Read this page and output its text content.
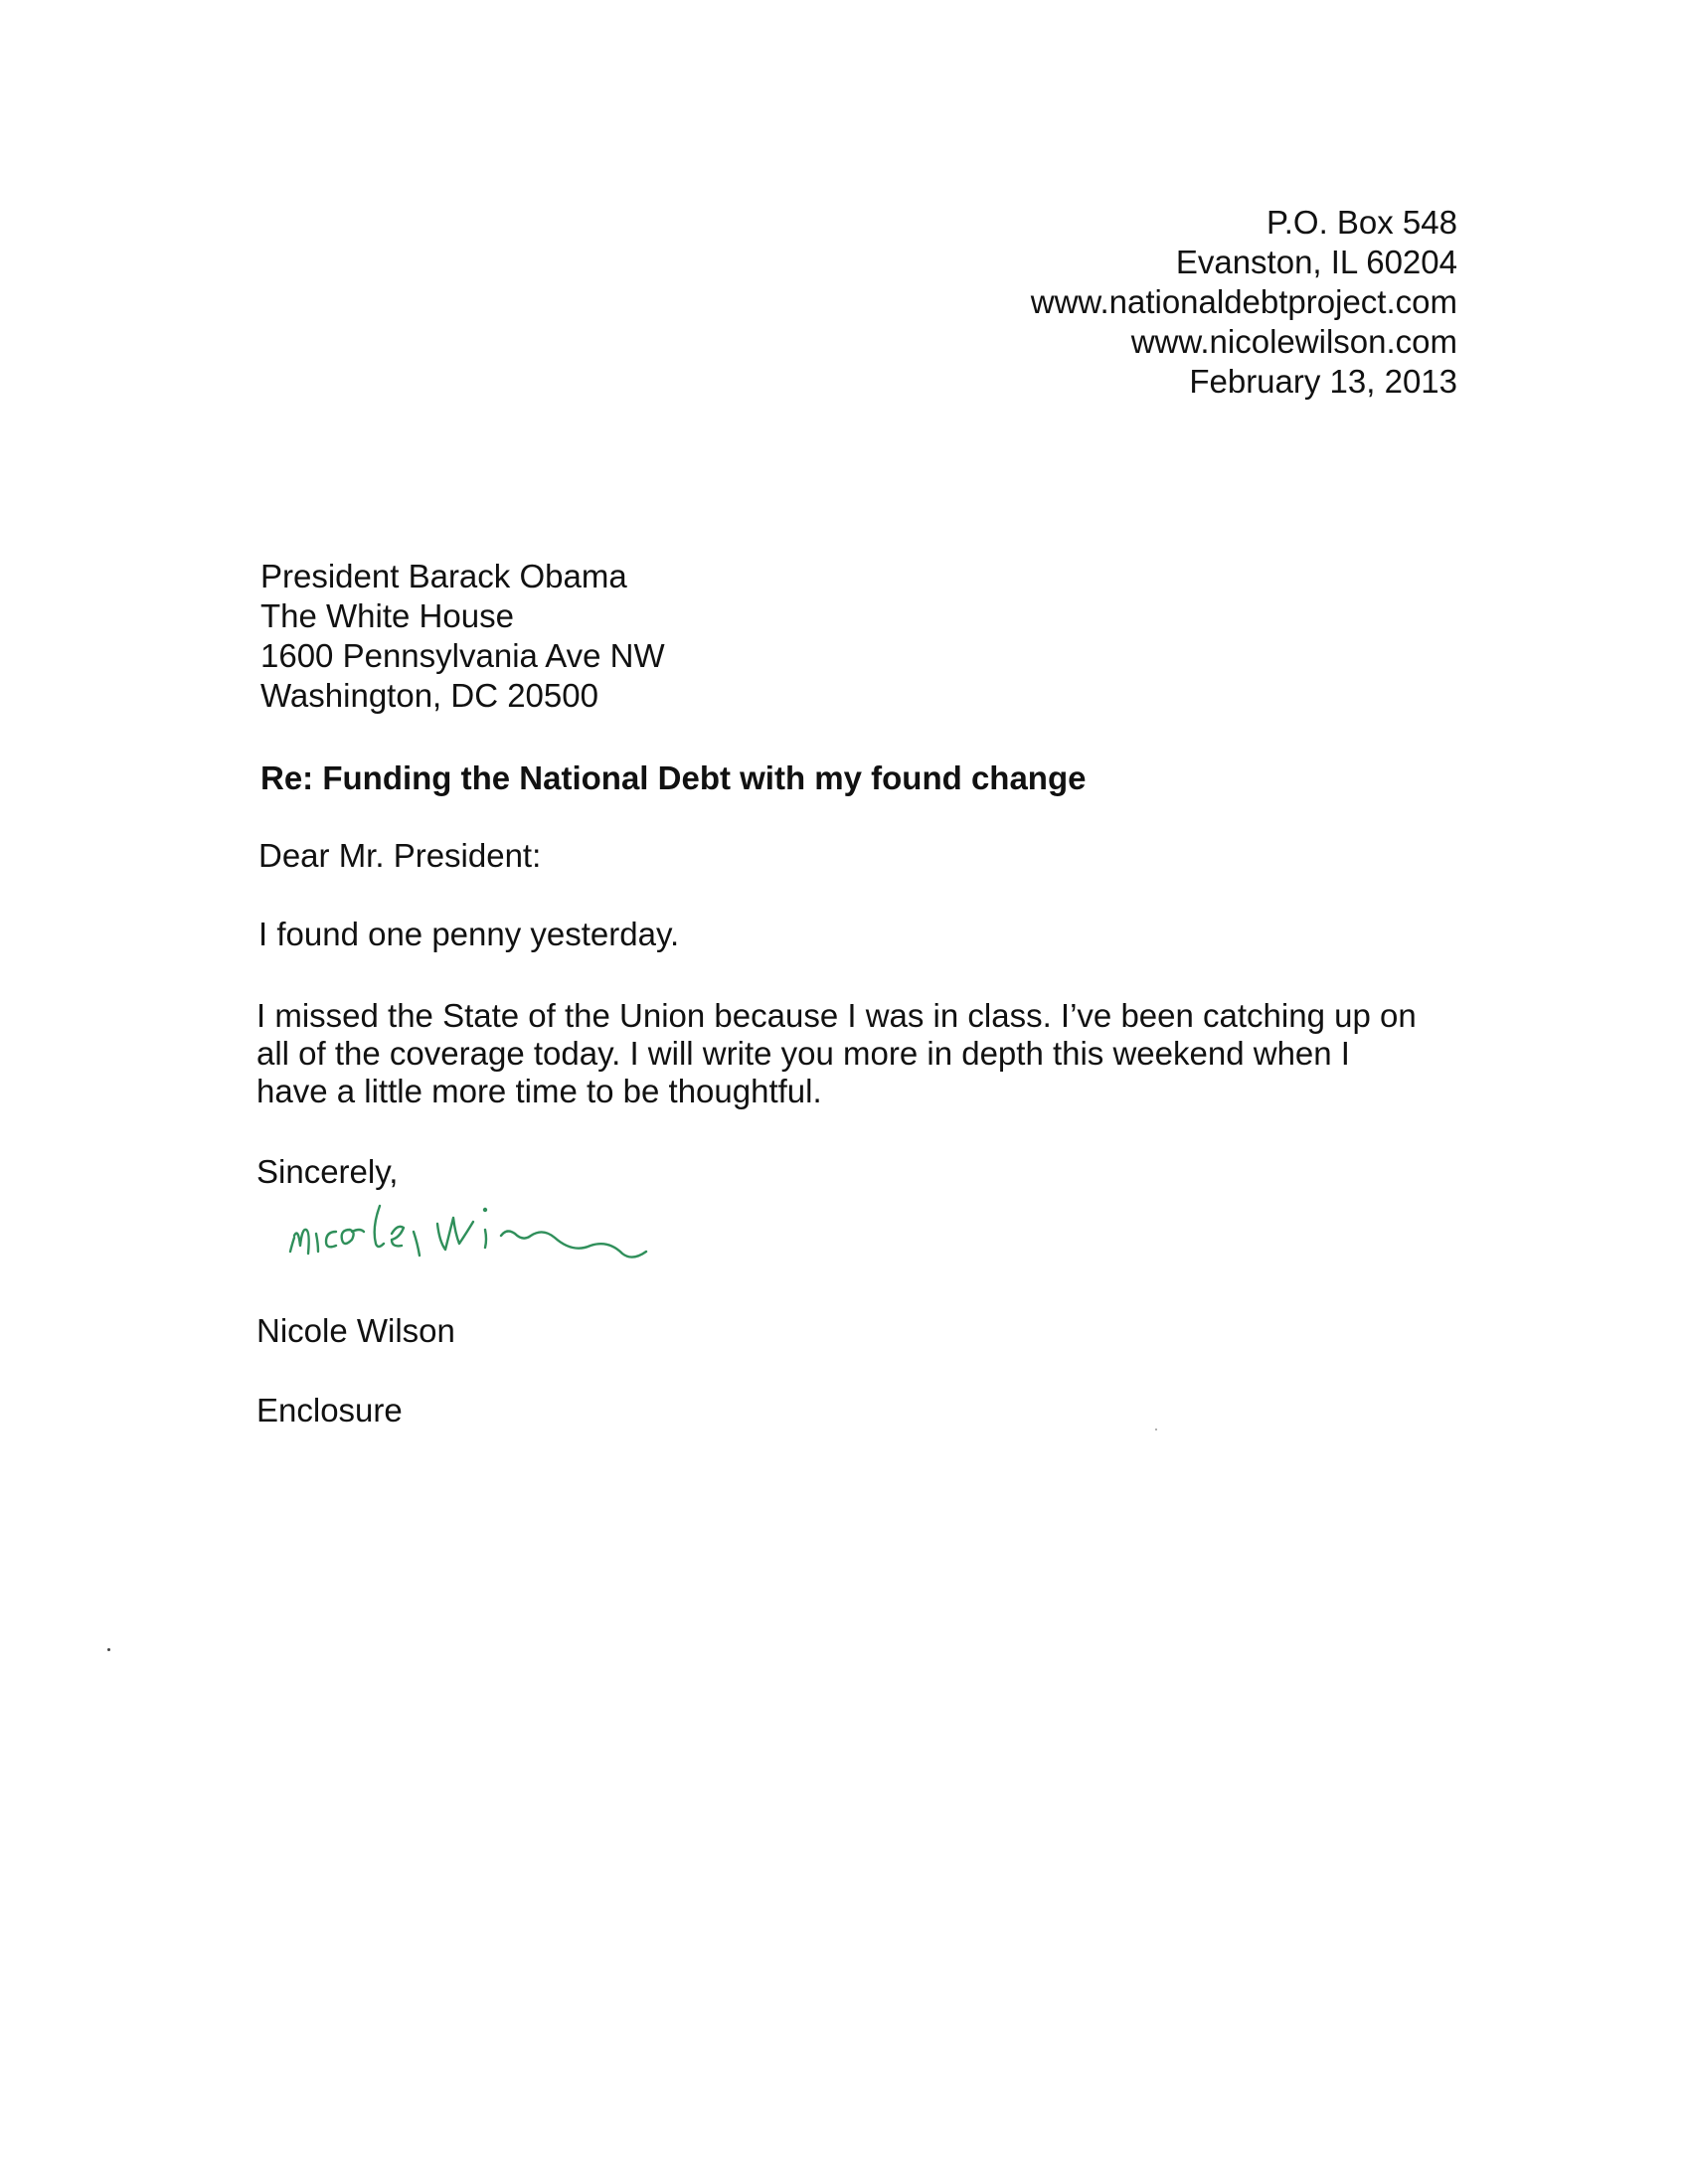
P.O. Box 548
Evanston, IL 60204
www.nationaldebtproject.com
www.nicolewilson.com
February 13, 2013
President Barack Obama
The White House
1600 Pennsylvania Ave NW
Washington, DC 20500
Re: Funding the National Debt with my found change
Dear Mr. President:
I found one penny yesterday.
I missed the State of the Union because I was in class. I’ve been catching up on
all of the coverage today. I will write you more in depth this weekend when I
have a little more time to be thoughtful.
Sincerely,
Nicole Wilson
Enclosure
